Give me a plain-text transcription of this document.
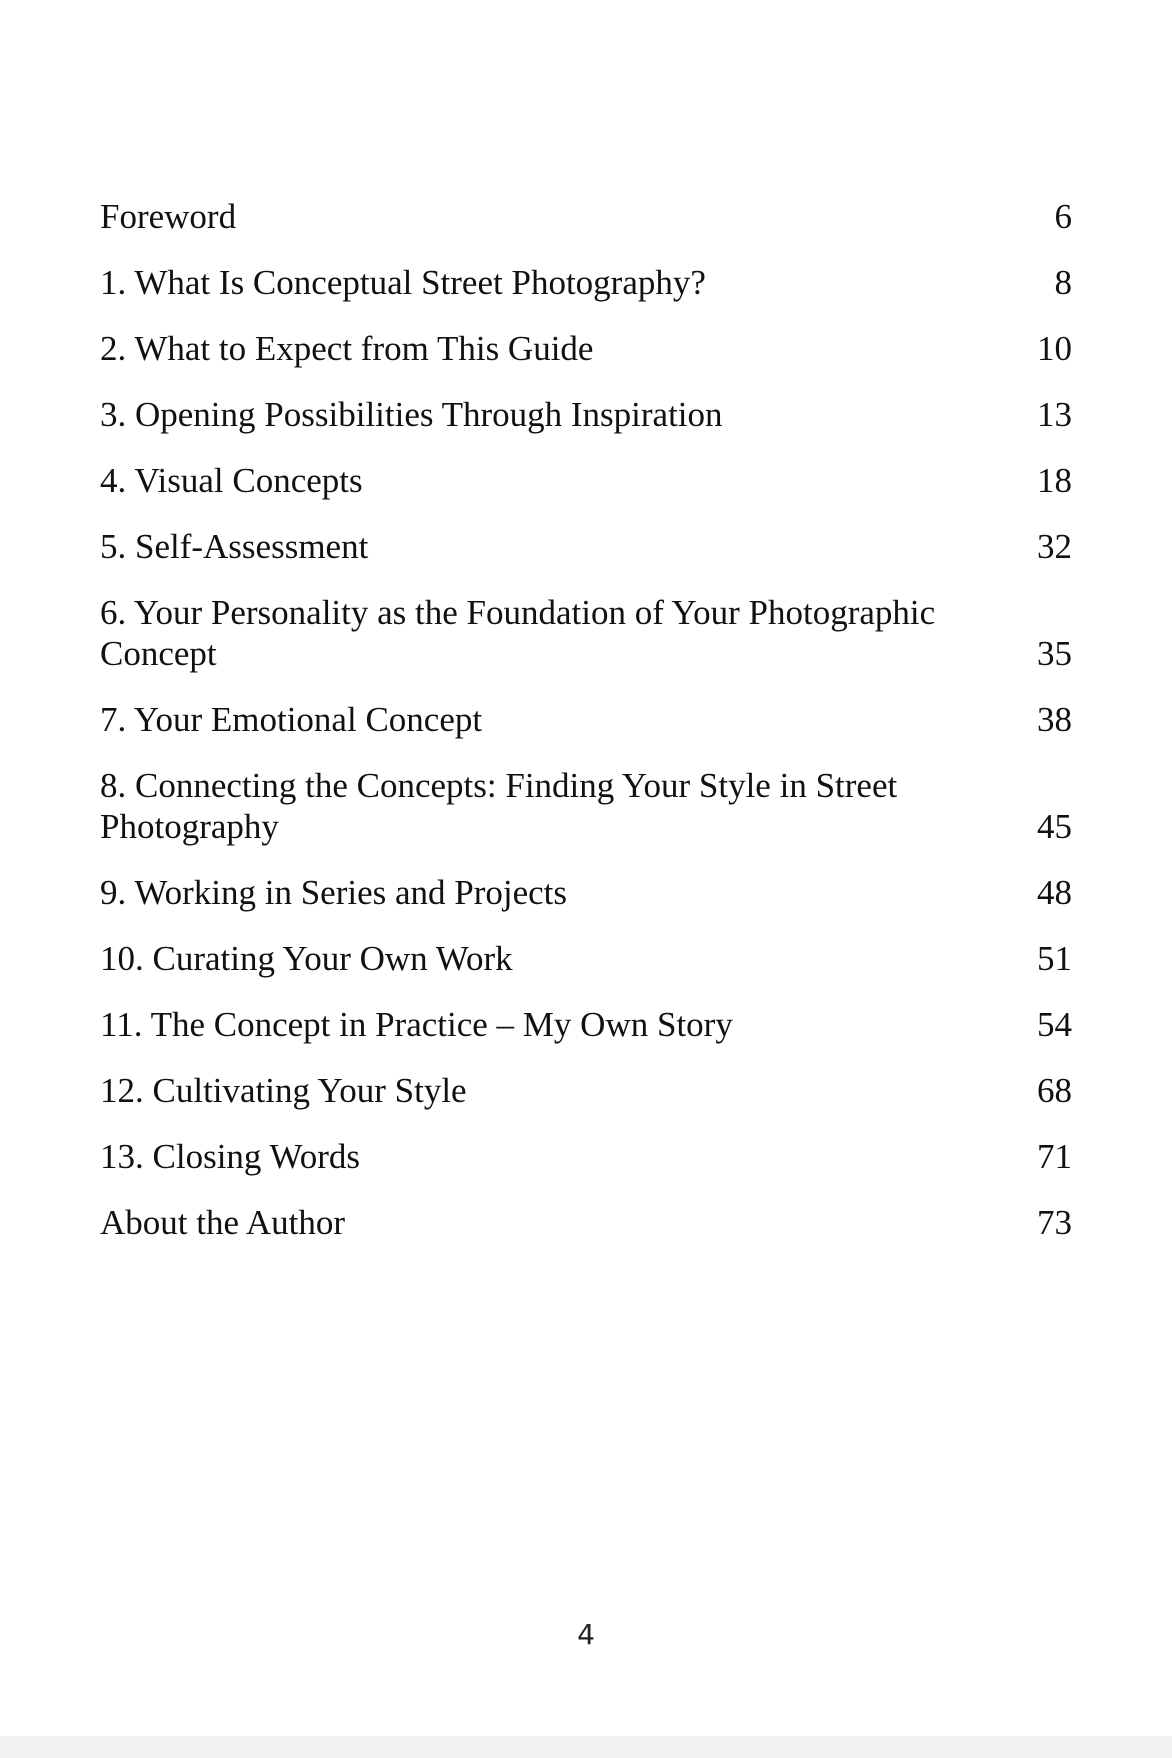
Foreword	6
1. What Is Conceptual Street Photography?	8
2. What to Expect from This Guide	10
3. Opening Possibilities Through Inspiration	13
4. Visual Concepts	18
5. Self-Assessment	32
6. Your Personality as the Foundation of Your Photographic Concept	35
7. Your Emotional Concept	38
8. Connecting the Concepts: Finding Your Style in Street Photography	45
9. Working in Series and Projects	48
10. Curating Your Own Work	51
11. The Concept in Practice – My Own Story	54
12. Cultivating Your Style	68
13. Closing Words	71
About the Author	73
4
